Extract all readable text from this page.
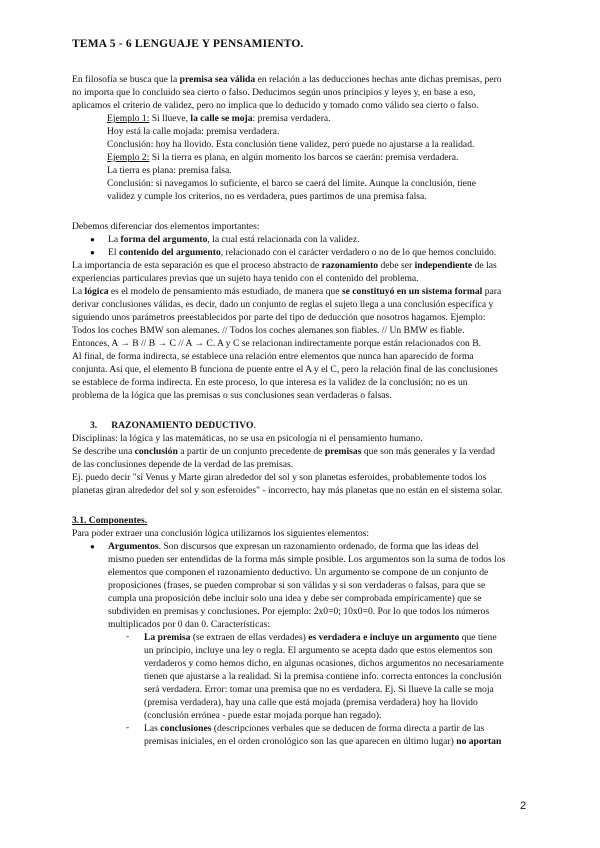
TEMA 5 - 6 LENGUAJE Y PENSAMIENTO.
En filosofía se busca que la premisa sea válida en relación a las deducciones hechas ante dichas premisas, pero
no importa que lo concluido sea cierto o falso. Deducimos según unos principios y leyes y, en base a eso,
aplicamos el criterio de validez, pero no implica que lo deducido y tomado como válido sea cierto o falso.
Ejemplo 1: Si llueve, la calle se moja: premisa verdadera.
Hoy está la calle mojada: premisa verdadera.
Conclusión: hoy ha llovido. Esta conclusión tiene validez, pero puede no ajustarse a la realidad.
Ejemplo 2: Si la tierra es plana, en algún momento los barcos se caerán: premisa verdadera.
La tierra es plana: premisa falsa.
Conclusión: si navegamos lo suficiente, el barco se caerá del límite. Aunque la conclusión, tiene
validez y cumple los criterios, no es verdadera, pues partimos de una premisa falsa.
Debemos diferenciar dos elementos importantes:
● La forma del argumento, la cual está relacionada con la validez.
● El contenido del argumento, relacionado con el carácter verdadero o no de lo que hemos concluido.
La importancia de esta separación es que el proceso abstracto de razonamiento debe ser independiente de las
experiencias particulares previas que un sujeto haya tenido con el contenido del problema.
La lógica es el modelo de pensamiento más estudiado, de manera que se constituyó en un sistema formal para
derivar conclusiones válidas, es decir, dado un conjunto de reglas el sujeto llega a una conclusión específica y
siguiendo unos parámetros preestablecidos por parte del tipo de deducción que nosotros hagamos. Ejemplo:
Todos los coches BMW son alemanes. // Todos los coches alemanes son fiables. // Un BMW es fiable.
Entonces, A → B // B → C // A → C. A y C se relacionan indirectamente porque están relacionados con B.
Al final, de forma indirecta, se establece una relación entre elementos que nunca han aparecido de forma
conjunta. Así que, el elemento B funciona de puente entre el A y el C, pero la relación final de las conclusiones
se establece de forma indirecta. En este proceso, lo que interesa es la validez de la conclusión; no es un
problema de la lógica que las premisas o sus conclusiones sean verdaderas o falsas.
3. RAZONAMIENTO DEDUCTIVO.
Disciplinas: la lógica y las matemáticas, no se usa en psicología ni el pensamiento humano.
Se describe una conclusión a partir de un conjunto precedente de premisas que son más generales y la verdad
de las conclusiones depende de la verdad de las premisas.
Ej. puedo decir "si Venus y Marte giran alrededor del sol y son planetas esferoides, probablemente todos los
planetas giran alrededor del sol y son esferoides" - incorrecto, hay más planetas que no están en el sistema solar.
3.1. Componentes.
Para poder extraer una conclusión lógica utilizamos los siguientes elementos:
● Argumentos. Son discursos que expresan un razonamiento ordenado, de forma que las ideas del
mismo pueden ser entendidas de la forma más simple posible. Los argumentos son la suma de todos los
elementos que componen el razonamiento deductivo. Un argumento se compone de un conjunto de
proposiciones (frases, se pueden comprobar si son válidas y si son verdaderas o falsas, para que se
cumpla una proposición debe incluir solo una idea y debe ser comprobada empíricamente) que se
subdividen en premisas y conclusiones. Por ejemplo: 2x0=0; 10x0=0. Por lo que todos los números
multiplicados por 0 dan 0. Características:
- La premisa (se extraen de ellas verdades) es verdadera e incluye un argumento que tiene
un principio, incluye una ley o regla. El argumento se acepta dado que estos elementos son
verdaderos y como hemos dicho, en algunas ocasiones, dichos argumentos no necesariamente
tienen que ajustarse a la realidad. Si la premisa contiene info. correcta entonces la conclusión
será verdadera. Error: tomar una premisa que no es verdadera. Ej. Si llueve la calle se moja
(premisa verdadera), hay una calle que está mojada (premisa verdadera) hoy ha llovido
(conclusión errónea - puede estar mojada porque han regado).
- Las conclusiones (descripciones verbales que se deducen de forma directa a partir de las
premisas iniciales, en el orden cronológico son las que aparecen en último lugar) no aportan
2
